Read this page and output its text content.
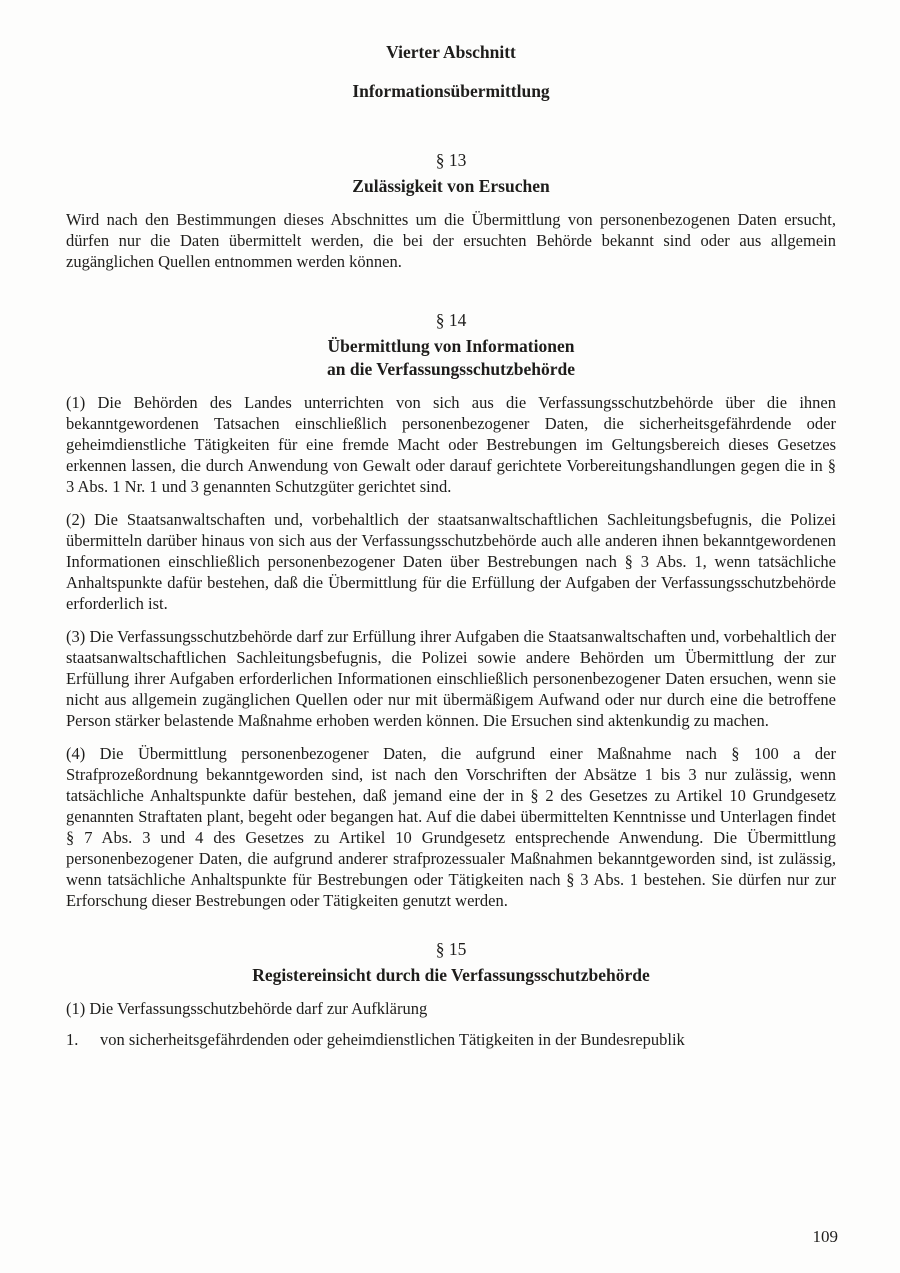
Vierter Abschnitt
Informationsübermittlung
§ 13
Zulässigkeit von Ersuchen

Wird nach den Bestimmungen dieses Abschnittes um die Übermittlung von personenbezogenen Daten ersucht, dürfen nur die Daten übermittelt werden, die bei der ersuchten Behörde bekannt sind oder aus allgemein zugänglichen Quellen entnommen werden können.

§ 14
Übermittlung von Informationen
an die Verfassungsschutzbehörde

(1) Die Behörden des Landes unterrichten von sich aus die Verfassungsschutzbehörde über die ihnen bekanntgewordenen Tatsachen einschließlich personenbezogener Daten, die sicherheitsgefährdende oder geheimdienstliche Tätigkeiten für eine fremde Macht oder Bestrebungen im Geltungsbereich dieses Gesetzes erkennen lassen, die durch Anwendung von Gewalt oder darauf gerichtete Vorbereitungshandlungen gegen die in § 3 Abs. 1 Nr. 1 und 3 genannten Schutzgüter gerichtet sind.

(2) Die Staatsanwaltschaften und, vorbehaltlich der staatsanwaltschaftlichen Sachleitungsbefugnis, die Polizei übermitteln darüber hinaus von sich aus der Verfassungsschutzbehörde auch alle anderen ihnen bekanntgewordenen Informationen einschließlich personenbezogener Daten über Bestrebungen nach § 3 Abs. 1, wenn tatsächliche Anhaltspunkte dafür bestehen, daß die Übermittlung für die Erfüllung der Aufgaben der Verfassungsschutzbehörde erforderlich ist.

(3) Die Verfassungsschutzbehörde darf zur Erfüllung ihrer Aufgaben die Staatsanwaltschaften und, vorbehaltlich der staatsanwaltschaftlichen Sachleitungsbefugnis, die Polizei sowie andere Behörden um Übermittlung der zur Erfüllung ihrer Aufgaben erforderlichen Informationen einschließlich personenbezogener Daten ersuchen, wenn sie nicht aus allgemein zugänglichen Quellen oder nur mit übermäßigem Aufwand oder nur durch eine die betroffene Person stärker belastende Maßnahme erhoben werden können. Die Ersuchen sind aktenkundig zu machen.

(4) Die Übermittlung personenbezogener Daten, die aufgrund einer Maßnahme nach § 100 a der Strafprozeßordnung bekanntgeworden sind, ist nach den Vorschriften der Absätze 1 bis 3 nur zulässig, wenn tatsächliche Anhaltspunkte dafür bestehen, daß jemand eine der in § 2 des Gesetzes zu Artikel 10 Grundgesetz genannten Straftaten plant, begeht oder begangen hat. Auf die dabei übermittelten Kenntnisse und Unterlagen findet § 7 Abs. 3 und 4 des Gesetzes zu Artikel 10 Grundgesetz entsprechende Anwendung. Die Übermittlung personenbezogener Daten, die aufgrund anderer strafprozessualer Maßnahmen bekanntgeworden sind, ist zulässig, wenn tatsächliche Anhaltspunkte für Bestrebungen oder Tätigkeiten nach § 3 Abs. 1 bestehen. Sie dürfen nur zur Erforschung dieser Bestrebungen oder Tätigkeiten genutzt werden.

§ 15
Registereinsicht durch die Verfassungsschutzbehörde

(1) Die Verfassungsschutzbehörde darf zur Aufklärung

1.	von sicherheitsgefährdenden oder geheimdienstlichen Tätigkeiten in der Bundesrepublik
109
